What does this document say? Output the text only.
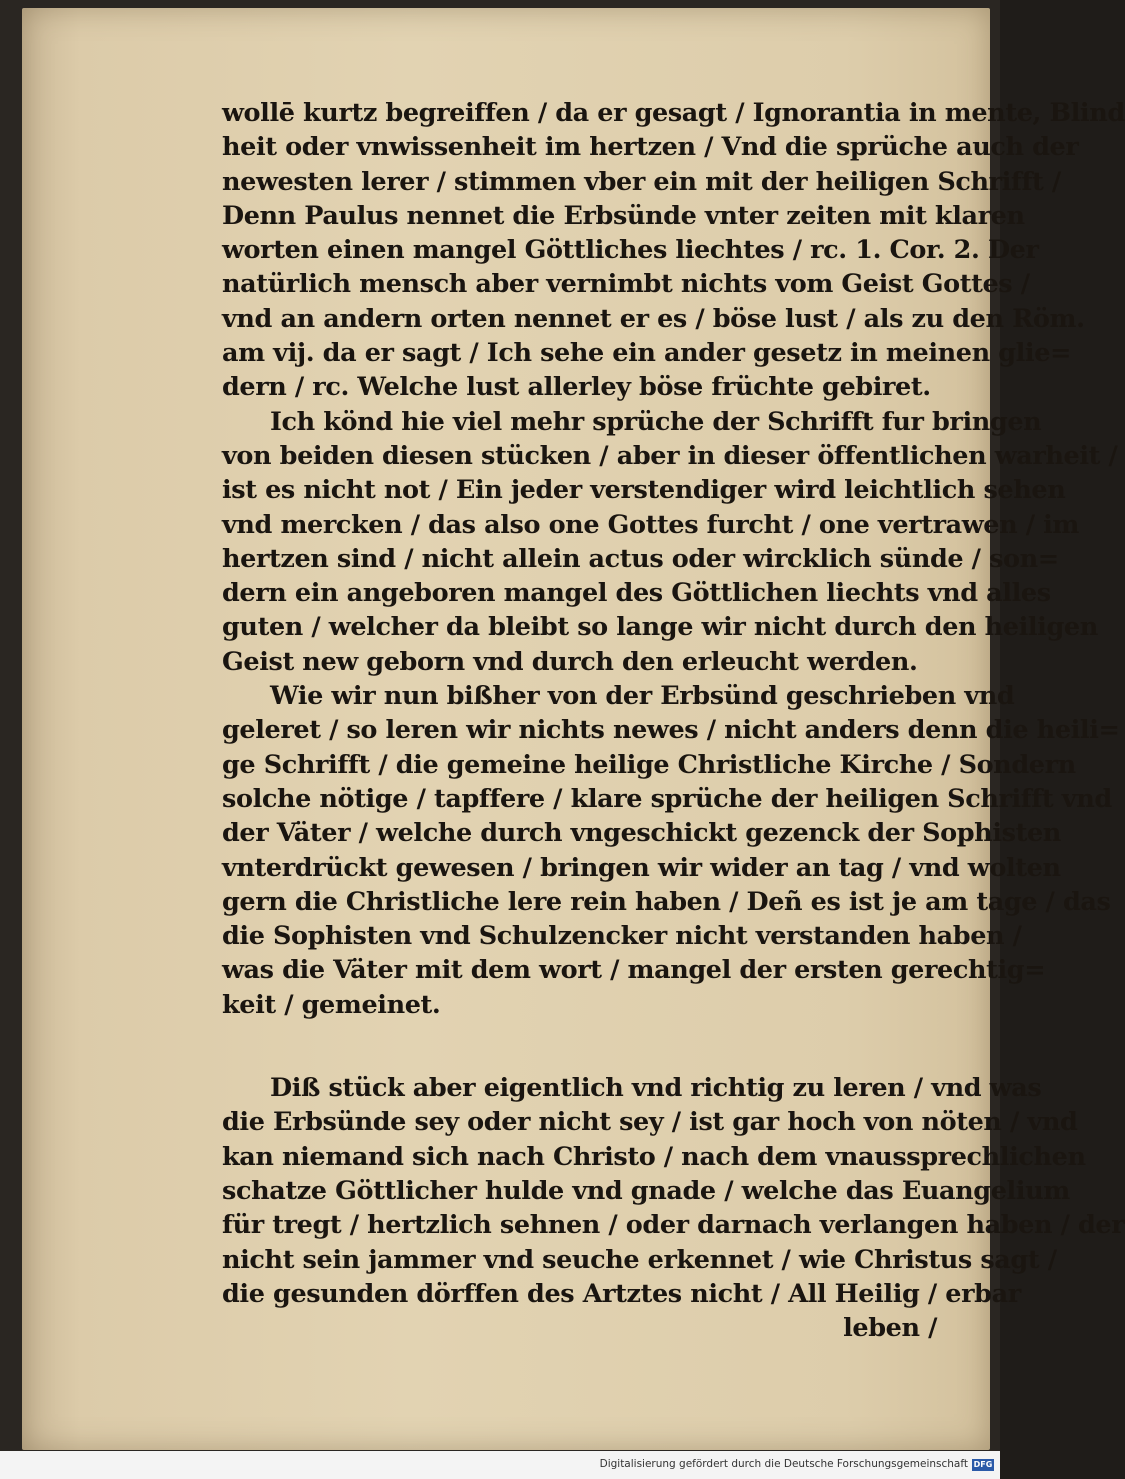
wollē kurtz begreiffen / da er gesagt / Ignorantia in mente, Blind
heit oder vnwissenheit im hertzen / Vnd die sprüche auch der
newesten lerer / stimmen vber ein mit der heiligen Schrifft /
Denn Paulus nennet die Erbsünde vnter zeiten mit klaren
worten einen mangel Göttliches liechtes / rc. 1. Cor. 2. Der
natürlich mensch aber vernimbt nichts vom Geist Gottes /
vnd an andern orten nennet er es / böse lust / als zu den Röm.
am vij. da er sagt / Ich sehe ein ander gesetz in meinen glie=
dern / rc. Welche lust allerley böse früchte gebiret.
Ich könd hie viel mehr sprüche der Schrifft fur bringen
von beiden diesen stücken / aber in dieser öffentlichen warheit /
ist es nicht not / Ein jeder verstendiger wird leichtlich sehen
vnd mercken / das also one Gottes furcht / one vertrawen / im
hertzen sind / nicht allein actus oder wircklich sünde / son=
dern ein angeboren mangel des Göttlichen liechts vnd alles
guten / welcher da bleibt so lange wir nicht durch den heiligen
Geist new geborn vnd durch den erleucht werden.
Wie wir nun bißher von der Erbsünd geschrieben vnd
geleret / so leren wir nichts newes / nicht anders denn die heili=
ge Schrifft / die gemeine heilige Christliche Kirche / Sondern
solche nötige / tapffere / klare sprüche der heiligen Schrifft vnd
der Väter / welche durch vngeschickt gezenck der Sophisten
vnterdrückt gewesen / bringen wir wider an tag / vnd wolten
gern die Christliche lere rein haben / Deñ es ist je am tage / das
die Sophisten vnd Schulzencker nicht verstanden haben /
was die Väter mit dem wort / mangel der ersten gerechtig=
keit / gemeinet.
Diß stück aber eigentlich vnd richtig zu leren / vnd was
die Erbsünde sey oder nicht sey / ist gar hoch von nöten / vnd
kan niemand sich nach Christo / nach dem vnaussprechlichen
schatze Göttlicher hulde vnd gnade / welche das Euangelium
für tregt / hertzlich sehnen / oder darnach verlangen haben / der
nicht sein jammer vnd seuche erkennet / wie Christus sagt /
die gesunden dörffen des Artztes nicht / All Heilig / erbar
leben /
Digitalisierung gefördert durch die Deutsche Forschungsgemeinschaft DFG
